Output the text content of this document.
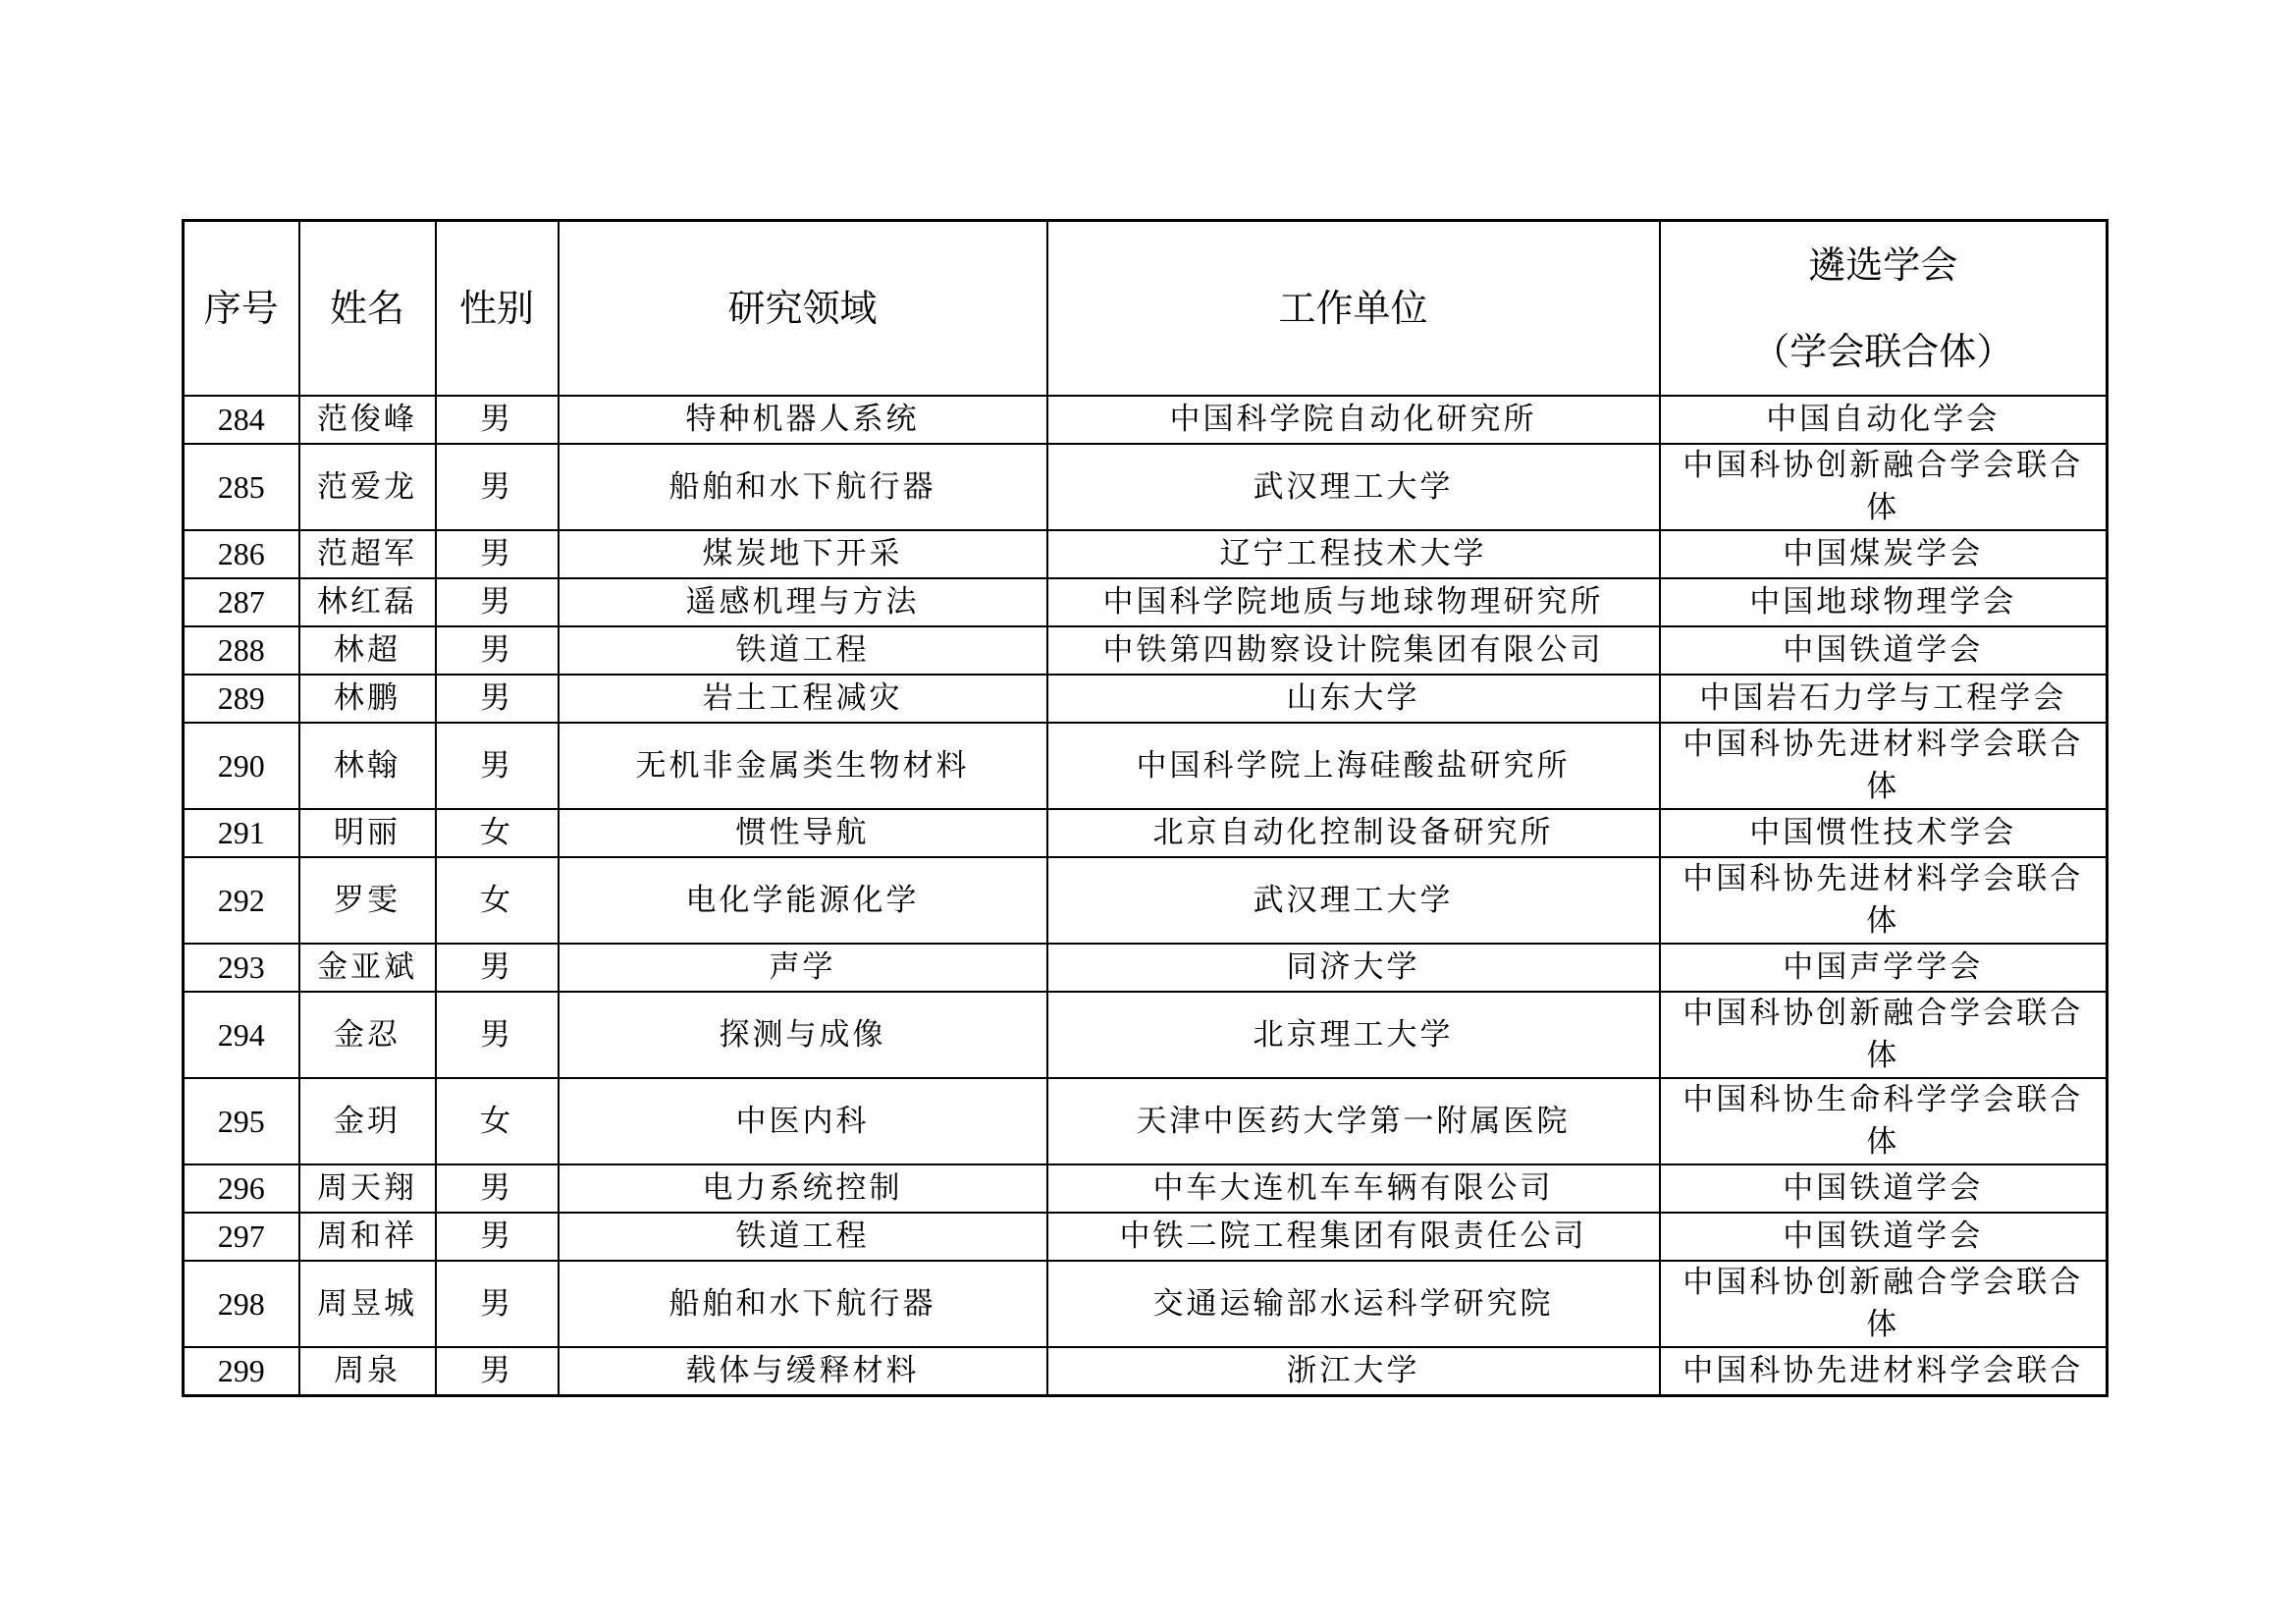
序号	姓名	性别	研究领域	工作单位	遴选学会
（学会联合体）

284	范俊峰	男	特种机器人系统	中国科学院自动化研究所	中国自动化学会
285	范爱龙	男	船舶和水下航行器	武汉理工大学	中国科协创新融合学会联合体
286	范超军	男	煤炭地下开采	辽宁工程技术大学	中国煤炭学会
287	林红磊	男	遥感机理与方法	中国科学院地质与地球物理研究所	中国地球物理学会
288	林超	男	铁道工程	中铁第四勘察设计院集团有限公司	中国铁道学会
289	林鹏	男	岩土工程减灾	山东大学	中国岩石力学与工程学会
290	林翰	男	无机非金属类生物材料	中国科学院上海硅酸盐研究所	中国科协先进材料学会联合体
291	明丽	女	惯性导航	北京自动化控制设备研究所	中国惯性技术学会
292	罗雯	女	电化学能源化学	武汉理工大学	中国科协先进材料学会联合体
293	金亚斌	男	声学	同济大学	中国声学学会
294	金忍	男	探测与成像	北京理工大学	中国科协创新融合学会联合体
295	金玥	女	中医内科	天津中医药大学第一附属医院	中国科协生命科学学会联合体
296	周天翔	男	电力系统控制	中车大连机车车辆有限公司	中国铁道学会
297	周和祥	男	铁道工程	中铁二院工程集团有限责任公司	中国铁道学会
298	周昱城	男	船舶和水下航行器	交通运输部水运科学研究院	中国科协创新融合学会联合体
299	周泉	男	载体与缓释材料	浙江大学	中国科协先进材料学会联合
